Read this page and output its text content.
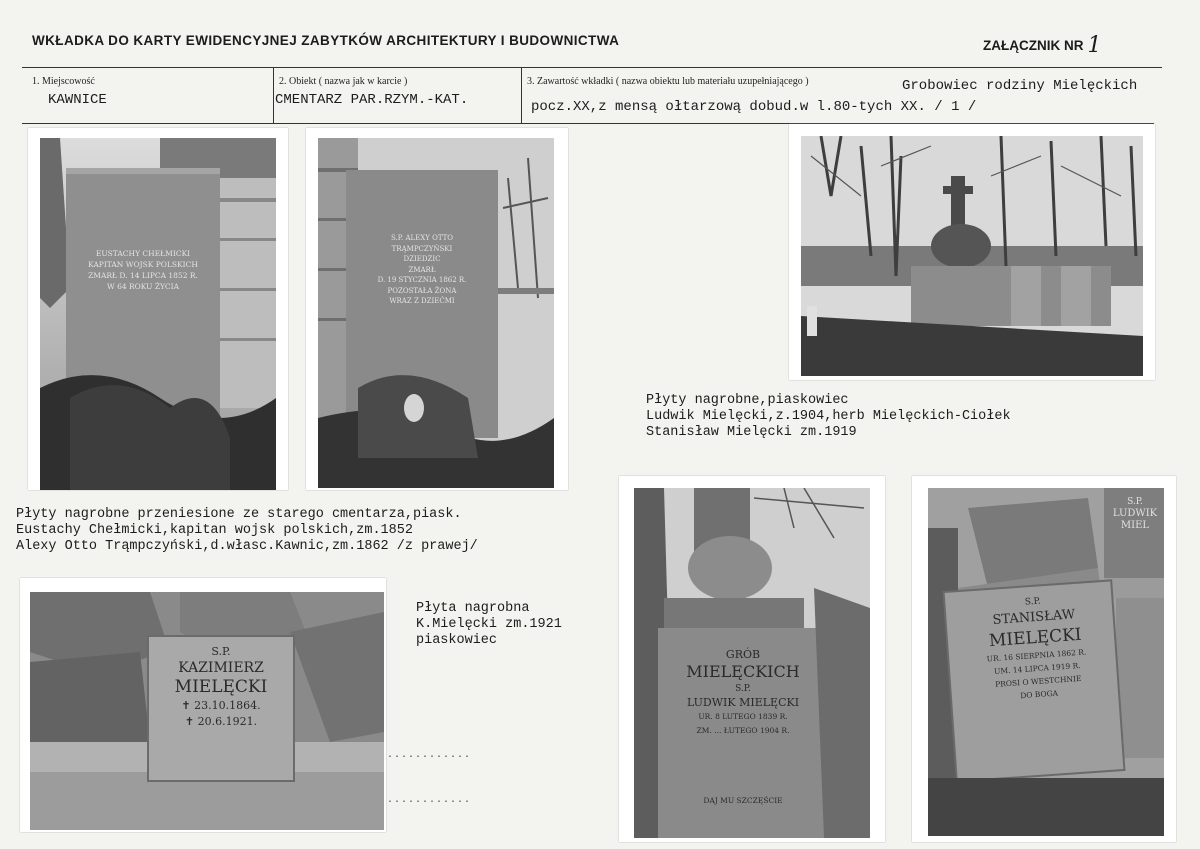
WKŁADKA DO KARTY EWIDENCYJNEJ ZABYTKÓW ARCHITEKTURY I BUDOWNICTWA	ZAŁĄCZNIK NR 1
1. Miejscowość
KAWNICE
2. Obiekt ( nazwa jak w karcie )
CMENTARZ PAR.RZYM.-KAT.
3. Zawartość wkładki ( nazwa obiektu lub materiału uzupełniającego )	Grobowiec rodziny Mielęckich
pocz.XX,z mensą ołtarzową dobud.w l.80-tych XX. / 1 /
EUSTACHY CHEŁMICKI
KAPITAN WOJSK POLSKICH
ZMARŁ D. 14 LIPCA 1852 R.
W 64 ROKU ŻYCIA
S.P. ALEXY OTTO
TRĄMPCZYŃSKI
DZIEDZIC
ZMARŁ
D. 19 STYCZNIA 1862 R.
POZOSTAŁA ŻONA
WRAZ Z DZIEĆMI
Płyty nagrobne,piaskowiec
Ludwik Mielęcki,z.1904,herb Mielęckich-Ciołek
Stanisław Mielęcki zm.1919
Płyty nagrobne przeniesione ze starego cmentarza,piask.
Eustachy Chełmicki,kapitan wojsk polskich,zm.1852
Alexy Otto Trąmpczyński,d.własc.Kawnic,zm.1862 /z prawej/
S.P.
KAZIMIERZ
MIELĘCKI
✝ 23.10.1864.
✝ 20.6.1921.
............
............
Płyta nagrobna
K.Mielęcki zm.1921
piaskowiec
GRÓB
MIELĘCKICH
S.P.
LUDWIK MIELĘCKI
UR. 8 LUTEGO 1839 R.
ZM. ... ŁUTEGO 1904 R.
DAJ MU SZCZĘŚCIE
S.P.
STANISŁAW
MIELĘCKI
UR. 16 SIERPNIA 1862 R.
UM. 14 LIPCA 1919 R.
PROSI O WESTCHNIE
DO BOGA
S.P.
LUDWIK
MIEL
